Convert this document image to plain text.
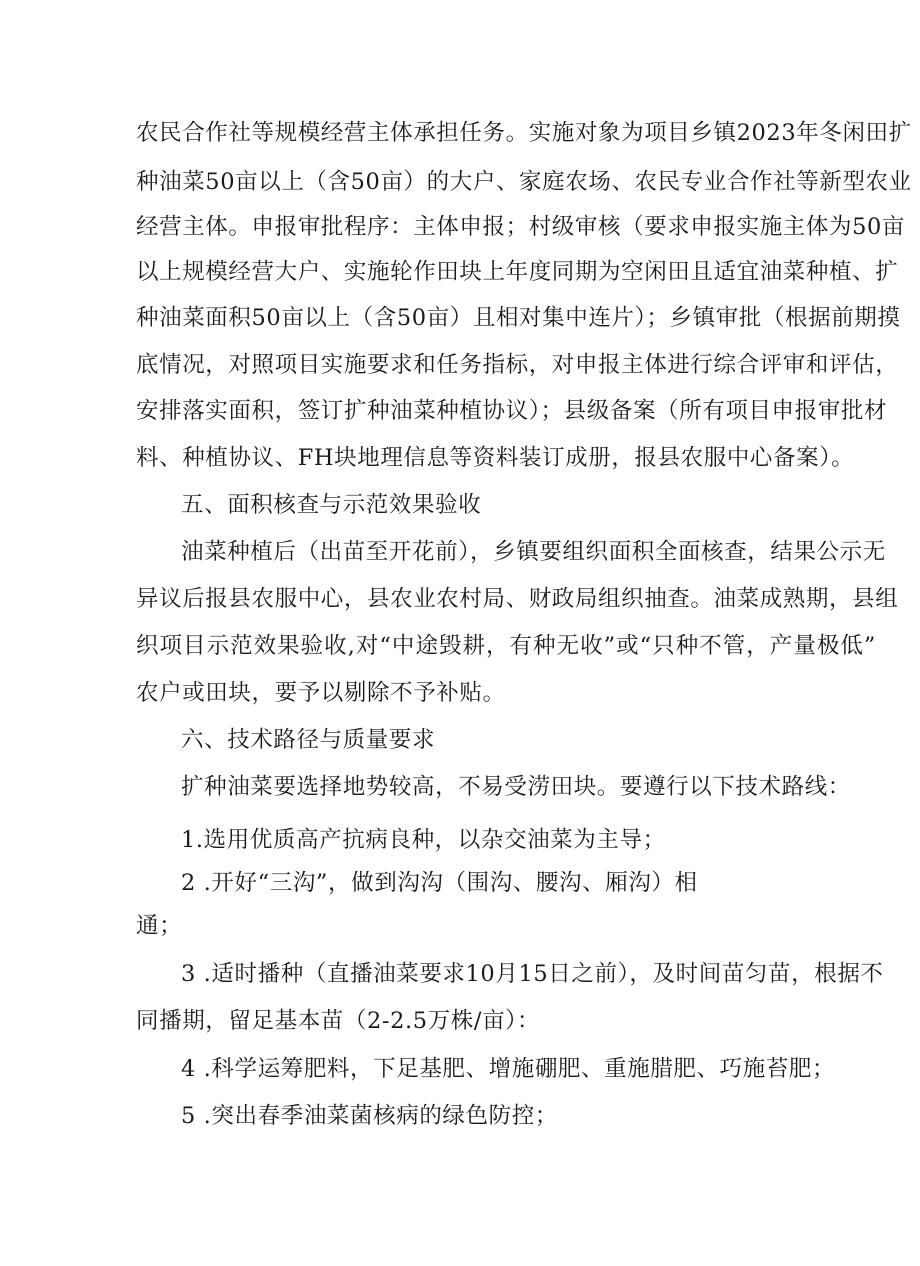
农民合作社等规模经营主体承担任务。实施对象为项目乡镇2023年冬闲田扩
种油菜50亩以上（含50亩）的大户、家庭农场、农民专业合作社等新型农业
经营主体。申报审批程序：主体申报；村级审核（要求申报实施主体为50亩
以上规模经营大户、实施轮作田块上年度同期为空闲田且适宜油菜种植、扩
种油菜面积50亩以上（含50亩）且相对集中连片）；乡镇审批（根据前期摸
底情况，对照项目实施要求和任务指标，对申报主体进行综合评审和评估，
安排落实面积，签订扩种油菜种植协议）；县级备案（所有项目申报审批材
料、种植协议、FH块地理信息等资料装订成册，报县农服中心备案）。
五、面积核查与示范效果验收
油菜种植后（出苗至开花前），乡镇要组织面积全面核查，结果公示无
异议后报县农服中心，县农业农村局、财政局组织抽查。油菜成熟期，县组
织项目示范效果验收,对“中途毁耕，有种无收”或“只种不管，产量极低”
农户或田块，要予以剔除不予补贴。
六、技术路径与质量要求
扩种油菜要选择地势较高，不易受涝田块。要遵行以下技术路线：
1.选用优质高产抗病良种，以杂交油菜为主导；
2 .开好“三沟”，做到沟沟（围沟、腰沟、厢沟）相
通；
3 .适时播种（直播油菜要求10月15日之前），及时间苗匀苗，根据不
同播期，留足基本苗（2-2.5万株/亩）：
4 .科学运筹肥料，下足基肥、增施硼肥、重施腊肥、巧施苔肥；
5 .突出春季油菜菌核病的绿色防控；
